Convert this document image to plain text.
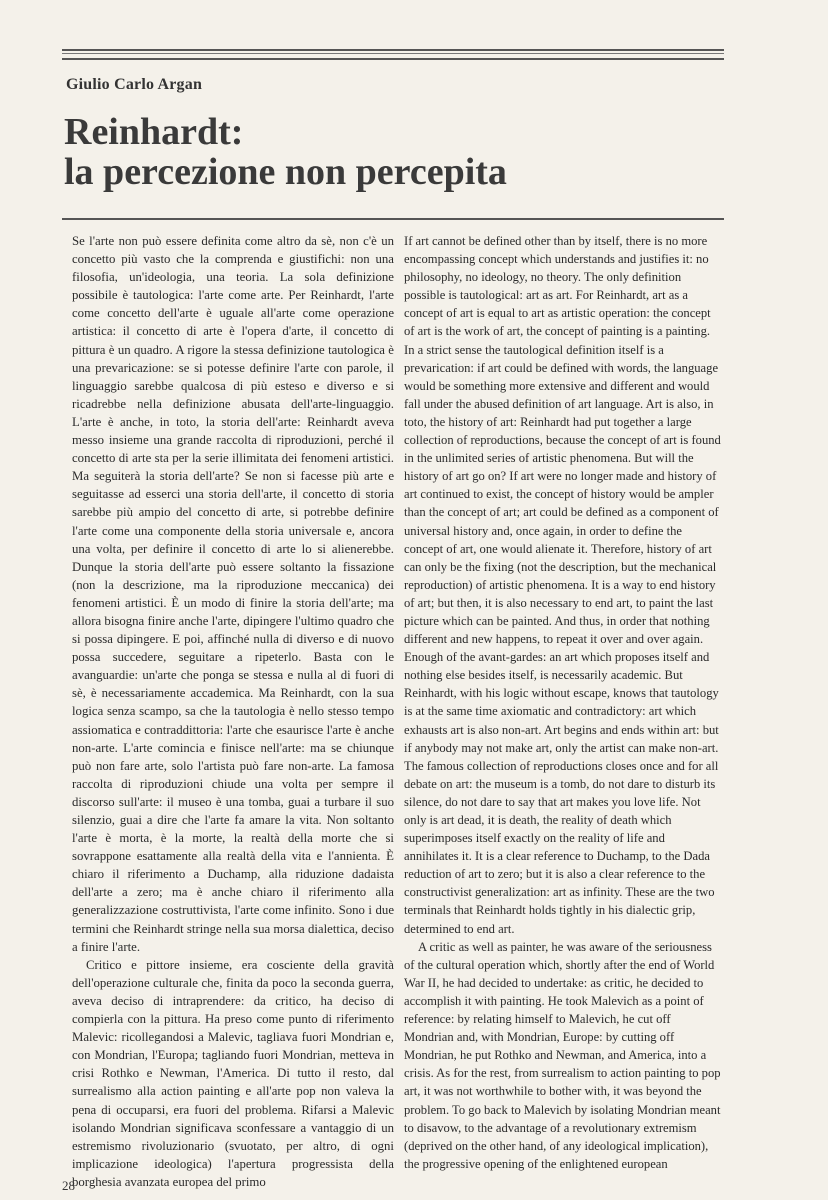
Giulio Carlo Argan
Reinhardt:
la percezione non percepita

Se l'arte non può essere definita come altro da sè, non c'è un concetto più vasto che la comprenda e giustifichi: non una filosofia, un'ideologia, una teoria. La sola definizione possibile è tautologica: l'arte come arte. Per Reinhardt, l'arte come concetto dell'arte è uguale all'arte come operazione artistica: il concetto di arte è l'opera d'arte, il concetto di pittura è un quadro. A rigore la stessa definizione tautologica è una prevaricazione: se si potesse definire l'arte con parole, il linguaggio sarebbe qualcosa di più esteso e diverso e si ricadrebbe nella definizione abusata dell'arte-linguaggio. L'arte è anche, in toto, la storia dell'arte: Reinhardt aveva messo insieme una grande raccolta di riproduzioni, perché il concetto di arte sta per la serie illimitata dei fenomeni artistici. Ma seguiterà la storia dell'arte? Se non si facesse più arte e seguitasse ad esserci una storia dell'arte, il concetto di storia sarebbe più ampio del concetto di arte, si potrebbe definire l'arte come una componente della storia universale e, ancora una volta, per definire il concetto di arte lo si alienerebbe. Dunque la storia dell'arte può essere soltanto la fissazione (non la descrizione, ma la riproduzione meccanica) dei fenomeni artistici. È un modo di finire la storia dell'arte; ma allora bisogna finire anche l'arte, dipingere l'ultimo quadro che si possa dipingere. E poi, affinché nulla di diverso e di nuovo possa succedere, seguitare a ripeterlo. Basta con le avanguardie: un'arte che ponga se stessa e nulla al di fuori di sè, è necessariamente accademica. Ma Reinhardt, con la sua logica senza scampo, sa che la tautologia è nello stesso tempo assiomatica e contraddittoria: l'arte che esaurisce l'arte è anche non-arte. L'arte comincia e finisce nell'arte: ma se chiunque può non fare arte, solo l'artista può fare non-arte. La famosa raccolta di riproduzioni chiude una volta per sempre il discorso sull'arte: il museo è una tomba, guai a turbare il suo silenzio, guai a dire che l'arte fa amare la vita. Non soltanto l'arte è morta, è la morte, la realtà della morte che si sovrappone esattamente alla realtà della vita e l'annienta. È chiaro il riferimento a Duchamp, alla riduzione dadaista dell'arte a zero; ma è anche chiaro il riferimento alla generalizzazione costruttivista, l'arte come infinito. Sono i due termini che Reinhardt stringe nella sua morsa dialettica, deciso a finire l'arte.

Critico e pittore insieme, era cosciente della gravità dell'operazione culturale che, finita da poco la seconda guerra, aveva deciso di intraprendere: da critico, ha deciso di compierla con la pittura. Ha preso come punto di riferimento Malevic: ricollegandosi a Malevic, tagliava fuori Mondrian e, con Mondrian, l'Europa; tagliando fuori Mondrian, metteva in crisi Rothko e Newman, l'America. Di tutto il resto, dal surrealismo alla action painting e all'arte pop non valeva la pena di occuparsi, era fuori del problema. Rifarsi a Malevic isolando Mondrian significava sconfessare a vantaggio di un estremismo rivoluzionario (svuotato, per altro, di ogni implicazione ideologica) l'apertura progressista della borghesia avanzata europea del primo

If art cannot be defined other than by itself, there is no more encompassing concept which understands and justifies it: no philosophy, no ideology, no theory. The only definition possible is tautological: art as art. For Reinhardt, art as a concept of art is equal to art as artistic operation: the concept of art is the work of art, the concept of painting is a painting. In a strict sense the tautological definition itself is a prevarication: if art could be defined with words, the language would be something more extensive and different and would fall under the abused definition of art language. Art is also, in toto, the history of art: Reinhardt had put together a large collection of reproductions, because the concept of art is found in the unlimited series of artistic phenomena. But will the history of art go on? If art were no longer made and history of art continued to exist, the concept of history would be ampler than the concept of art; art could be defined as a component of universal history and, once again, in order to define the concept of art, one would alienate it. Therefore, history of art can only be the fixing (not the description, but the mechanical reproduction) of artistic phenomena. It is a way to end history of art; but then, it is also necessary to end art, to paint the last picture which can be painted. And thus, in order that nothing different and new happens, to repeat it over and over again. Enough of the avant-gardes: an art which proposes itself and nothing else besides itself, is necessarily academic. But Reinhardt, with his logic without escape, knows that tautology is at the same time axiomatic and contradictory: art which exhausts art is also non-art. Art begins and ends within art: but if anybody may not make art, only the artist can make non-art. The famous collection of reproductions closes once and for all debate on art: the museum is a tomb, do not dare to disturb its silence, do not dare to say that art makes you love life. Not only is art dead, it is death, the reality of death which superimposes itself exactly on the reality of life and annihilates it. It is a clear reference to Duchamp, to the Dada reduction of art to zero; but it is also a clear reference to the constructivist generalization: art as infinity. These are the two terminals that Reinhardt holds tightly in his dialectic grip, determined to end art.

A critic as well as painter, he was aware of the seriousness of the cultural operation which, shortly after the end of World War II, he had decided to undertake: as critic, he decided to accomplish it with painting. He took Malevich as a point of reference: by relating himself to Malevich, he cut off Mondrian and, with Mondrian, Europe: by cutting off Mondrian, he put Rothko and Newman, and America, into a crisis. As for the rest, from surrealism to action painting to pop art, it was not worthwhile to bother with, it was beyond the problem. To go back to Malevich by isolating Mondrian meant to disavow, to the advantage of a revolutionary extremism (deprived on the other hand, of any ideological implication), the progressive opening of the enlightened european

28
